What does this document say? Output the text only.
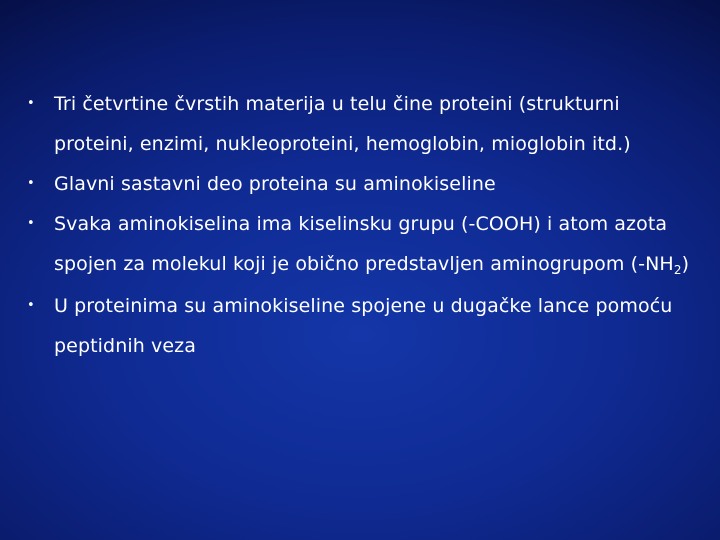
• Tri četvrtine čvrstih materija u telu čine proteini (strukturni proteini, enzimi, nukleoproteini, hemoglobin, mioglobin itd.)
• Glavni sastavni deo proteina su aminokiseline
• Svaka aminokiselina ima kiselinsku grupu (-COOH) i atom azota spojen za molekul koji je obično predstavljen aminogrupom $(-NH_2)$
• U proteinima su aminokiseline spojene u dugačke lance pomoću peptidnih veza
